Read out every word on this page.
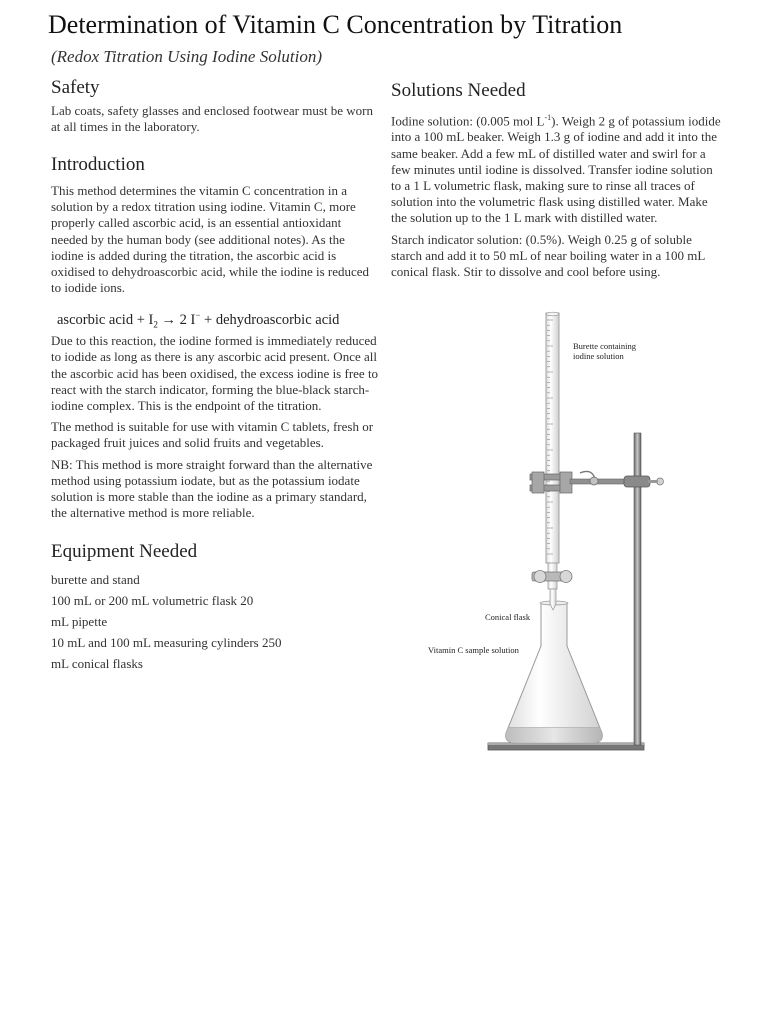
Determination of Vitamin C Concentration by Titration
(Redox Titration Using Iodine Solution)
Safety

Lab coats, safety glasses and enclosed footwear must be worn at all times in the laboratory.

Introduction

This method determines the vitamin C concentration in a solution by a redox titration using iodine. Vitamin C, more properly called ascorbic acid, is an essential antioxidant needed by the human body (see additional notes). As the iodine is added during the titration, the ascorbic acid is oxidised to dehydroascorbic acid, while the iodine is reduced to iodide ions.

ascorbic acid + $I_2 \to 2$ I− + dehydroascorbic acid

Due to this reaction, the iodine formed is immediately reduced to iodide as long as there is any ascorbic acid present. Once all the ascorbic acid has been oxidised, the excess iodine is free to react with the starch indicator, forming the blue-black starch-iodine complex. This is the endpoint of the titration.

The method is suitable for use with vitamin C tablets, fresh or packaged fruit juices and solid fruits and vegetables.

NB: This method is more straight forward than the alternative method using potassium iodate, but as the potassium iodate solution is more stable than the iodine as a primary standard, the alternative method is more reliable.

Equipment Needed
burette and stand
100 mL or 200 mL volumetric flask 20
mL pipette
10 mL and 100 mL measuring cylinders 250
mL conical flasks
Solutions Needed

Iodine solution: (0.005 mol $L^{-1}$). Weigh 2 g of potassium iodide into a 100 mL beaker. Weigh 1.3 g of iodine and add it into the same beaker. Add a few mL of distilled water and swirl for a few minutes until iodine is dissolved. Transfer iodine solution to a 1 L volumetric flask, making sure to rinse all traces of solution into the volumetric flask using distilled water. Make the solution up to the 1 L mark with distilled water.

Starch indicator solution: (0.5%). Weigh 0.25 g of soluble starch and add it to 50 mL of near boiling water in a 100 mL conical flask. Stir to dissolve and cool before using.

Burette containing
iodine solution
Conical flask
Vitamin C sample solution
